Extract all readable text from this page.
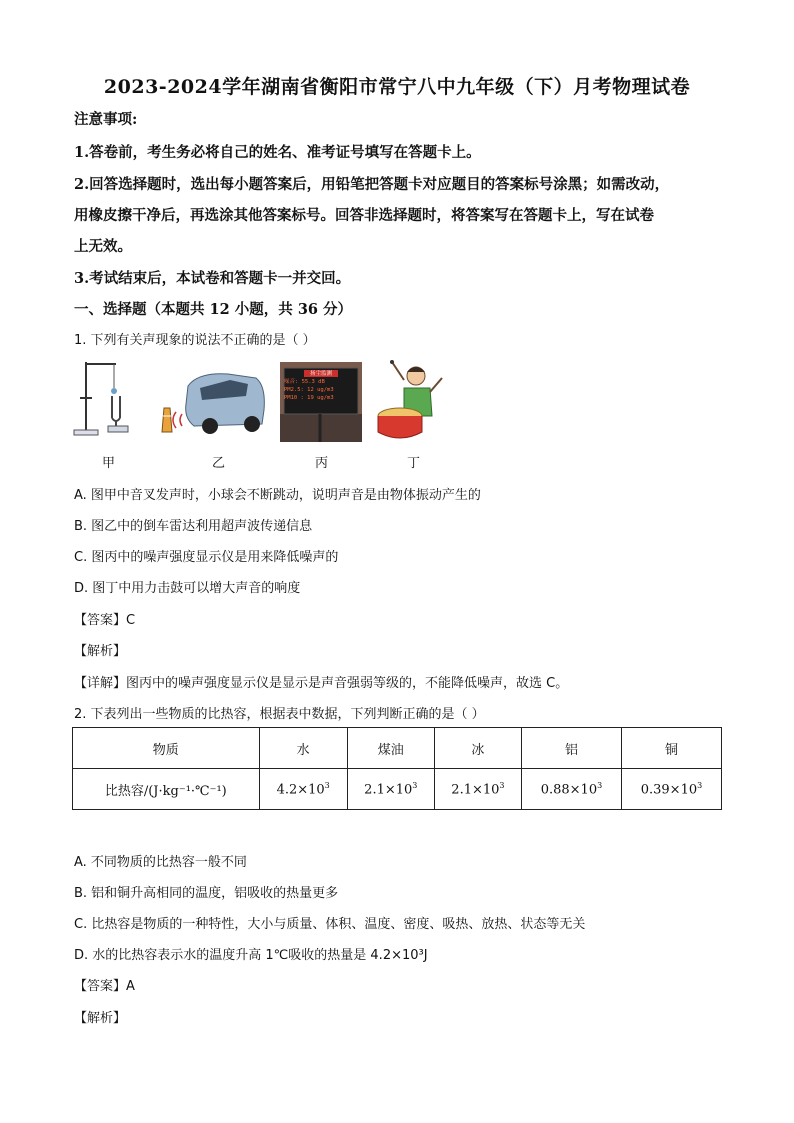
2023-2024学年湖南省衡阳市常宁八中九年级（下）月考物理试卷
注意事项:
1.答卷前，考生务必将自己的姓名、准考证号填写在答题卡上。
2.回答选择题时，选出每小题答案后，用铅笔把答题卡对应题目的答案标号涂黑；如需改动，
用橡皮擦干净后，再选涂其他答案标号。回答非选择题时，将答案写在答题卡上，写在试卷
上无效。
3.考试结束后，本试卷和答题卡一并交回。
一、选择题（本题共 12 小题，共 36 分）
1. 下列有关声现象的说法不正确的是（ ）
扬尘监测
噪音: 55.3 dB
PM2.5: 12 ug/m3
PM10 : 19 ug/m3
甲	乙	丙	丁
A. 图甲中音叉发声时，小球会不断跳动，说明声音是由物体振动产生的
B. 图乙中的倒车雷达利用超声波传递信息
C. 图丙中的噪声强度显示仪是用来降低噪声的
D. 图丁中用力击鼓可以增大声音的响度
【答案】C
【解析】
【详解】图丙中的噪声强度显示仪是显示是声音强弱等级的，不能降低噪声，故选 C。
2. 下表列出一些物质的比热容，根据表中数据，下列判断正确的是（ ）
物质	水	煤油	冰	铝	铜
比热容/(J·kg⁻¹·℃⁻¹)	$4.2\times 10^3$	$2.1\times 10^3$	$2.1\times 10^3$	$0.88\times 10^3$	$0.39\times 10^3$
A. 不同物质的比热容一般不同
B. 铝和铜升高相同的温度，铝吸收的热量更多
C. 比热容是物质的一种特性，大小与质量、体积、温度、密度、吸热、放热、状态等无关
D. 水的比热容表示水的温度升高 1℃吸收的热量是 4.2×10³J
【答案】A
【解析】
